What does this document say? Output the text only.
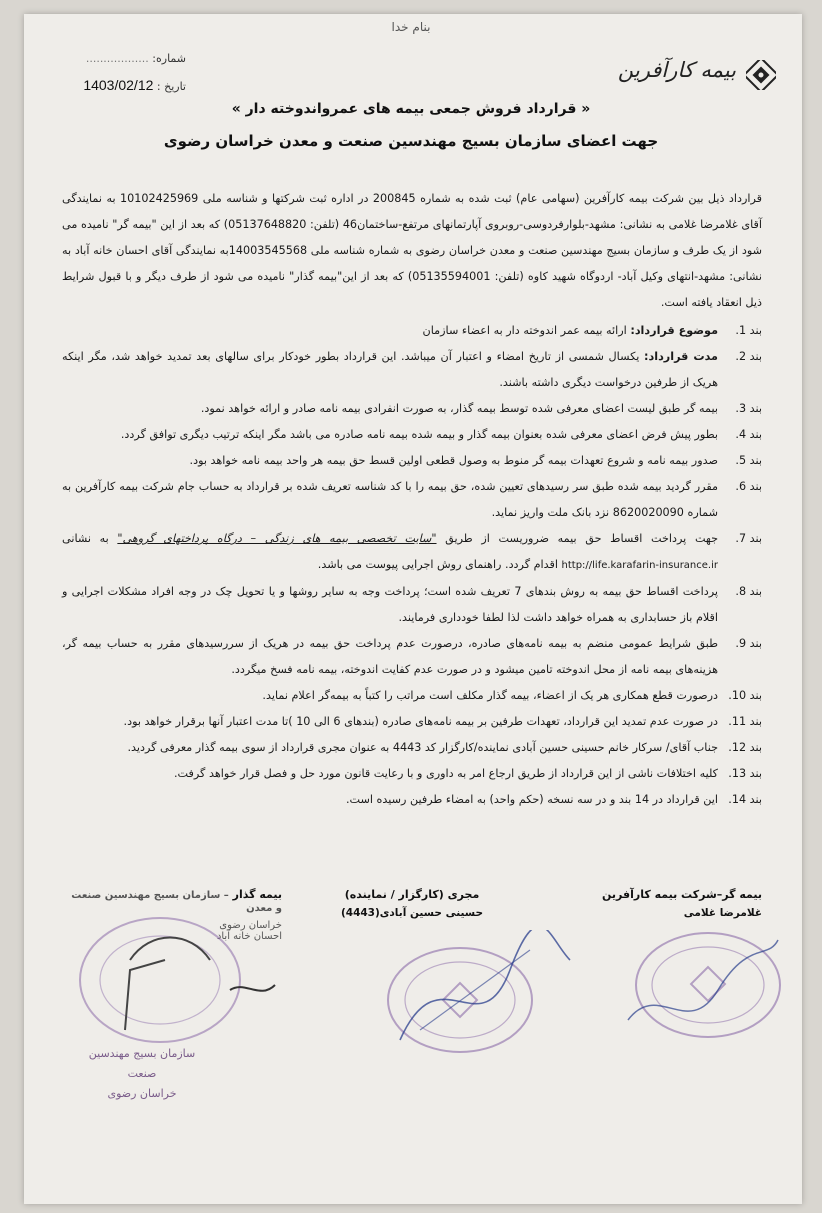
بنام خدا
بیمه کارآفرین
شماره: ..................
تاریخ : 1403/02/12
« قرارداد فروش جمعی بیمه های عمرواندوخته دار »
جهت اعضای سازمان بسیج مهندسین صنعت و معدن خراسان رضوی

قرارداد ذیل بین شرکت بیمه کارآفرین (سهامی عام) ثبت شده به شماره 200845 در اداره ثبت شرکتها و شناسه ملی 10102425969 به نمایندگی آقای غلامرضا غلامی به نشانی: مشهد-بلوارفردوسی-روبروی آپارتمانهای مرتفع-ساختمان46 (تلفن: 05137648820) که بعد از این "بیمه گر" نامیده می شود از یک طرف و سازمان بسیج مهندسین صنعت و معدن خراسان رضوی به شماره شناسه ملی 14003545568به نمایندگی آقای احسان خانه آباد به نشانی: مشهد-انتهای وکیل آباد- اردوگاه شهید کاوه (تلفن: 05135594001) که بعد از این"بیمه گذار" نامیده می شود از طرف دیگر و با قبول شرایط ذیل انعقاد یافته است.

بند 1.
موضوع قرارداد: ارائه بیمه عمر اندوخته دار به اعضاء سازمان
بند 2.
مدت قرارداد: یکسال شمسی از تاریخ امضاء و اعتبار آن میباشد. این قرارداد بطور خودکار برای سالهای بعد تمدید خواهد شد، مگر اینکه هریک از طرفین درخواست دیگری داشته باشند.
بند 3.
بیمه گر طبق لیست اعضای معرفی شده توسط بیمه گذار، به صورت انفرادی بیمه نامه صادر و ارائه خواهد نمود.
بند 4.
بطور پیش فرض اعضای معرفی شده بعنوان بیمه گذار و بیمه شده بیمه نامه صادره می باشد مگر اینکه ترتیب دیگری توافق گردد.
بند 5.
صدور بیمه نامه و شروع تعهدات بیمه گر منوط به وصول قطعی اولین قسط حق بیمه هر واحد بیمه نامه خواهد بود.
بند 6.
مقرر گردید بیمه شده طبق سر رسیدهای تعیین شده، حق بیمه را با کد شناسه تعریف شده بر قرارداد به حساب جام شرکت بیمه کارآفرین به شماره 8620020090 نزد بانک ملت واریز نماید.
بند 7.
جهت پرداخت اقساط حق بیمه ضروریست از طریق "سایت تخصصی بیمه های زندگی – درگاه پرداختهای گروهی" به نشانی http://life.karafarin-insurance.ir اقدام گردد. راهنمای روش اجرایی پیوست می باشد.
بند 8.
پرداخت اقساط حق بیمه به روش بندهای 7 تعریف شده است؛ پرداخت وجه به سایر روشها و یا تحویل چک در وجه افراد مشکلات اجرایی و اقلام باز حسابداری به همراه خواهد داشت لذا لطفا خودداری فرمایند.
بند 9.
طبق شرایط عمومی منضم به بیمه نامه‌های صادره، درصورت عدم پرداخت حق بیمه در هریک از سررسیدهای مقرر به حساب بیمه گر، هزینه‌های بیمه نامه از محل اندوخته تامین میشود و در صورت عدم کفایت اندوخته، بیمه نامه فسخ میگردد.
بند 10.
درصورت قطع همکاری هر یک از اعضاء، بیمه گذار مکلف است مراتب را کتباً به بیمه‌گر اعلام نماید.
بند 11.
در صورت عدم تمدید این قرارداد، تعهدات طرفین بر بیمه نامه‌های صادره (بندهای 6 الی 10 )تا مدت اعتبار آنها برقرار خواهد بود.
بند 12.
جناب آقای/ سرکار خانم حسینی حسین آبادی نماینده/کارگزار کد 4443 به عنوان مجری قرارداد از سوی بیمه گذار معرفی گردید.
بند 13.
کلیه اختلافات ناشی از این قرارداد از طریق ارجاع امر به داوری و با رعایت قانون مورد حل و فصل قرار خواهد گرفت.
بند 14.
این قرارداد در 14 بند و در سه نسخه (حکم واحد) به امضاء طرفین رسیده است.
بیمه گر–شرکت بیمه کارآفرین
غلامرضا غلامی
مجری (کارگزار / نماینده)
حسینی حسین آبادی(4443)
بیمه گذار – سازمان بسیج مهندسین صنعت و معدن
خراسان رضوی
احسان خانه آباد
سازمان بسیج مهندسین صنعت
خراسان رضوی
